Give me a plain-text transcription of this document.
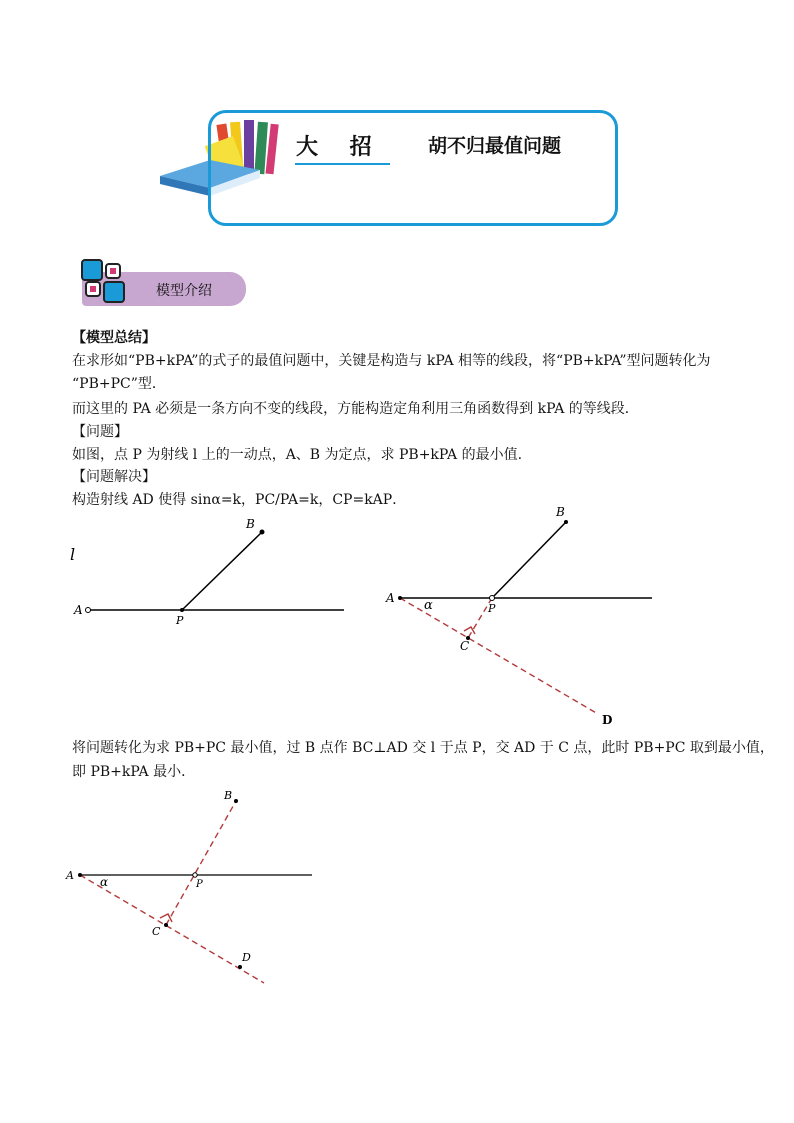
大 招 胡不归最值问题
模型介绍
【模型总结】
在求形如“PB+kPA”的式子的最值问题中，关键是构造与 kPA 相等的线段，将“PB+kPA”型问题转化为
“PB+PC”型．
而这里的 PA 必须是一条方向不变的线段，方能构造定角利用三角函数得到 kPA 的等线段．
【问题】
如图，点 P 为射线 l 上的一动点，A、B 为定点，求 PB+kPA 的最小值.
【问题解决】
构造射线 AD 使得 sinα=k，PC/PA=k，CP=kAP．
l
A
B
P
A
B
P
C
D
α
将问题转化为求 PB+PC 最小值，过 B 点作 BC⊥AD 交 l 于点 P，交 AD 于 C 点，此时 PB+PC 取到最小值，
即 PB+kPA 最小．
A
B
P
C
D
α
